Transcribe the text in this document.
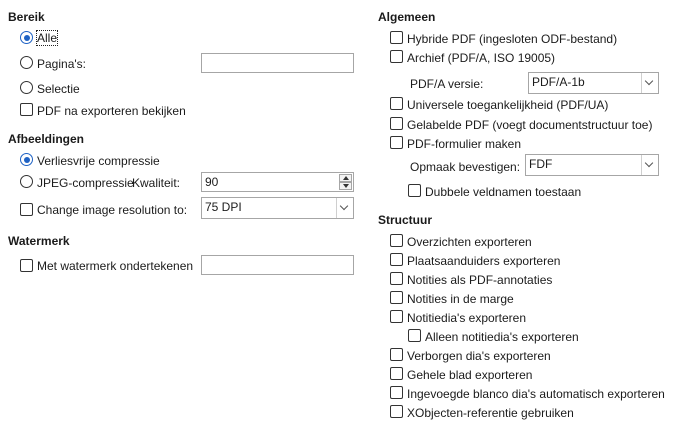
Bereik
Alle
Pagina's:
Selectie
PDF na exporteren bekijken
Afbeeldingen
Verliesvrije compressie
JPEG-compressie
Kwaliteit:	90
Change image resolution to:	75 DPI
Watermerk
Met watermerk ondertekenen
Algemeen
Hybride PDF (ingesloten ODF-bestand)
Archief (PDF/A, ISO 19005)
PDF/A versie:	PDF/A-1b
Universele toegankelijkheid (PDF/UA)
Gelabelde PDF (voegt documentstructuur toe)
PDF-formulier maken
Opmaak bevestigen: FDF
Dubbele veldnamen toestaan
Structuur
Overzichten exporteren
Plaatsaanduiders exporteren
Notities als PDF-annotaties
Notities in de marge
Notitiedia's exporteren
Alleen notitiedia's exporteren
Verborgen dia's exporteren
Gehele blad exporteren
Ingevoegde blanco dia's automatisch exporteren
XObjecten-referentie gebruiken
